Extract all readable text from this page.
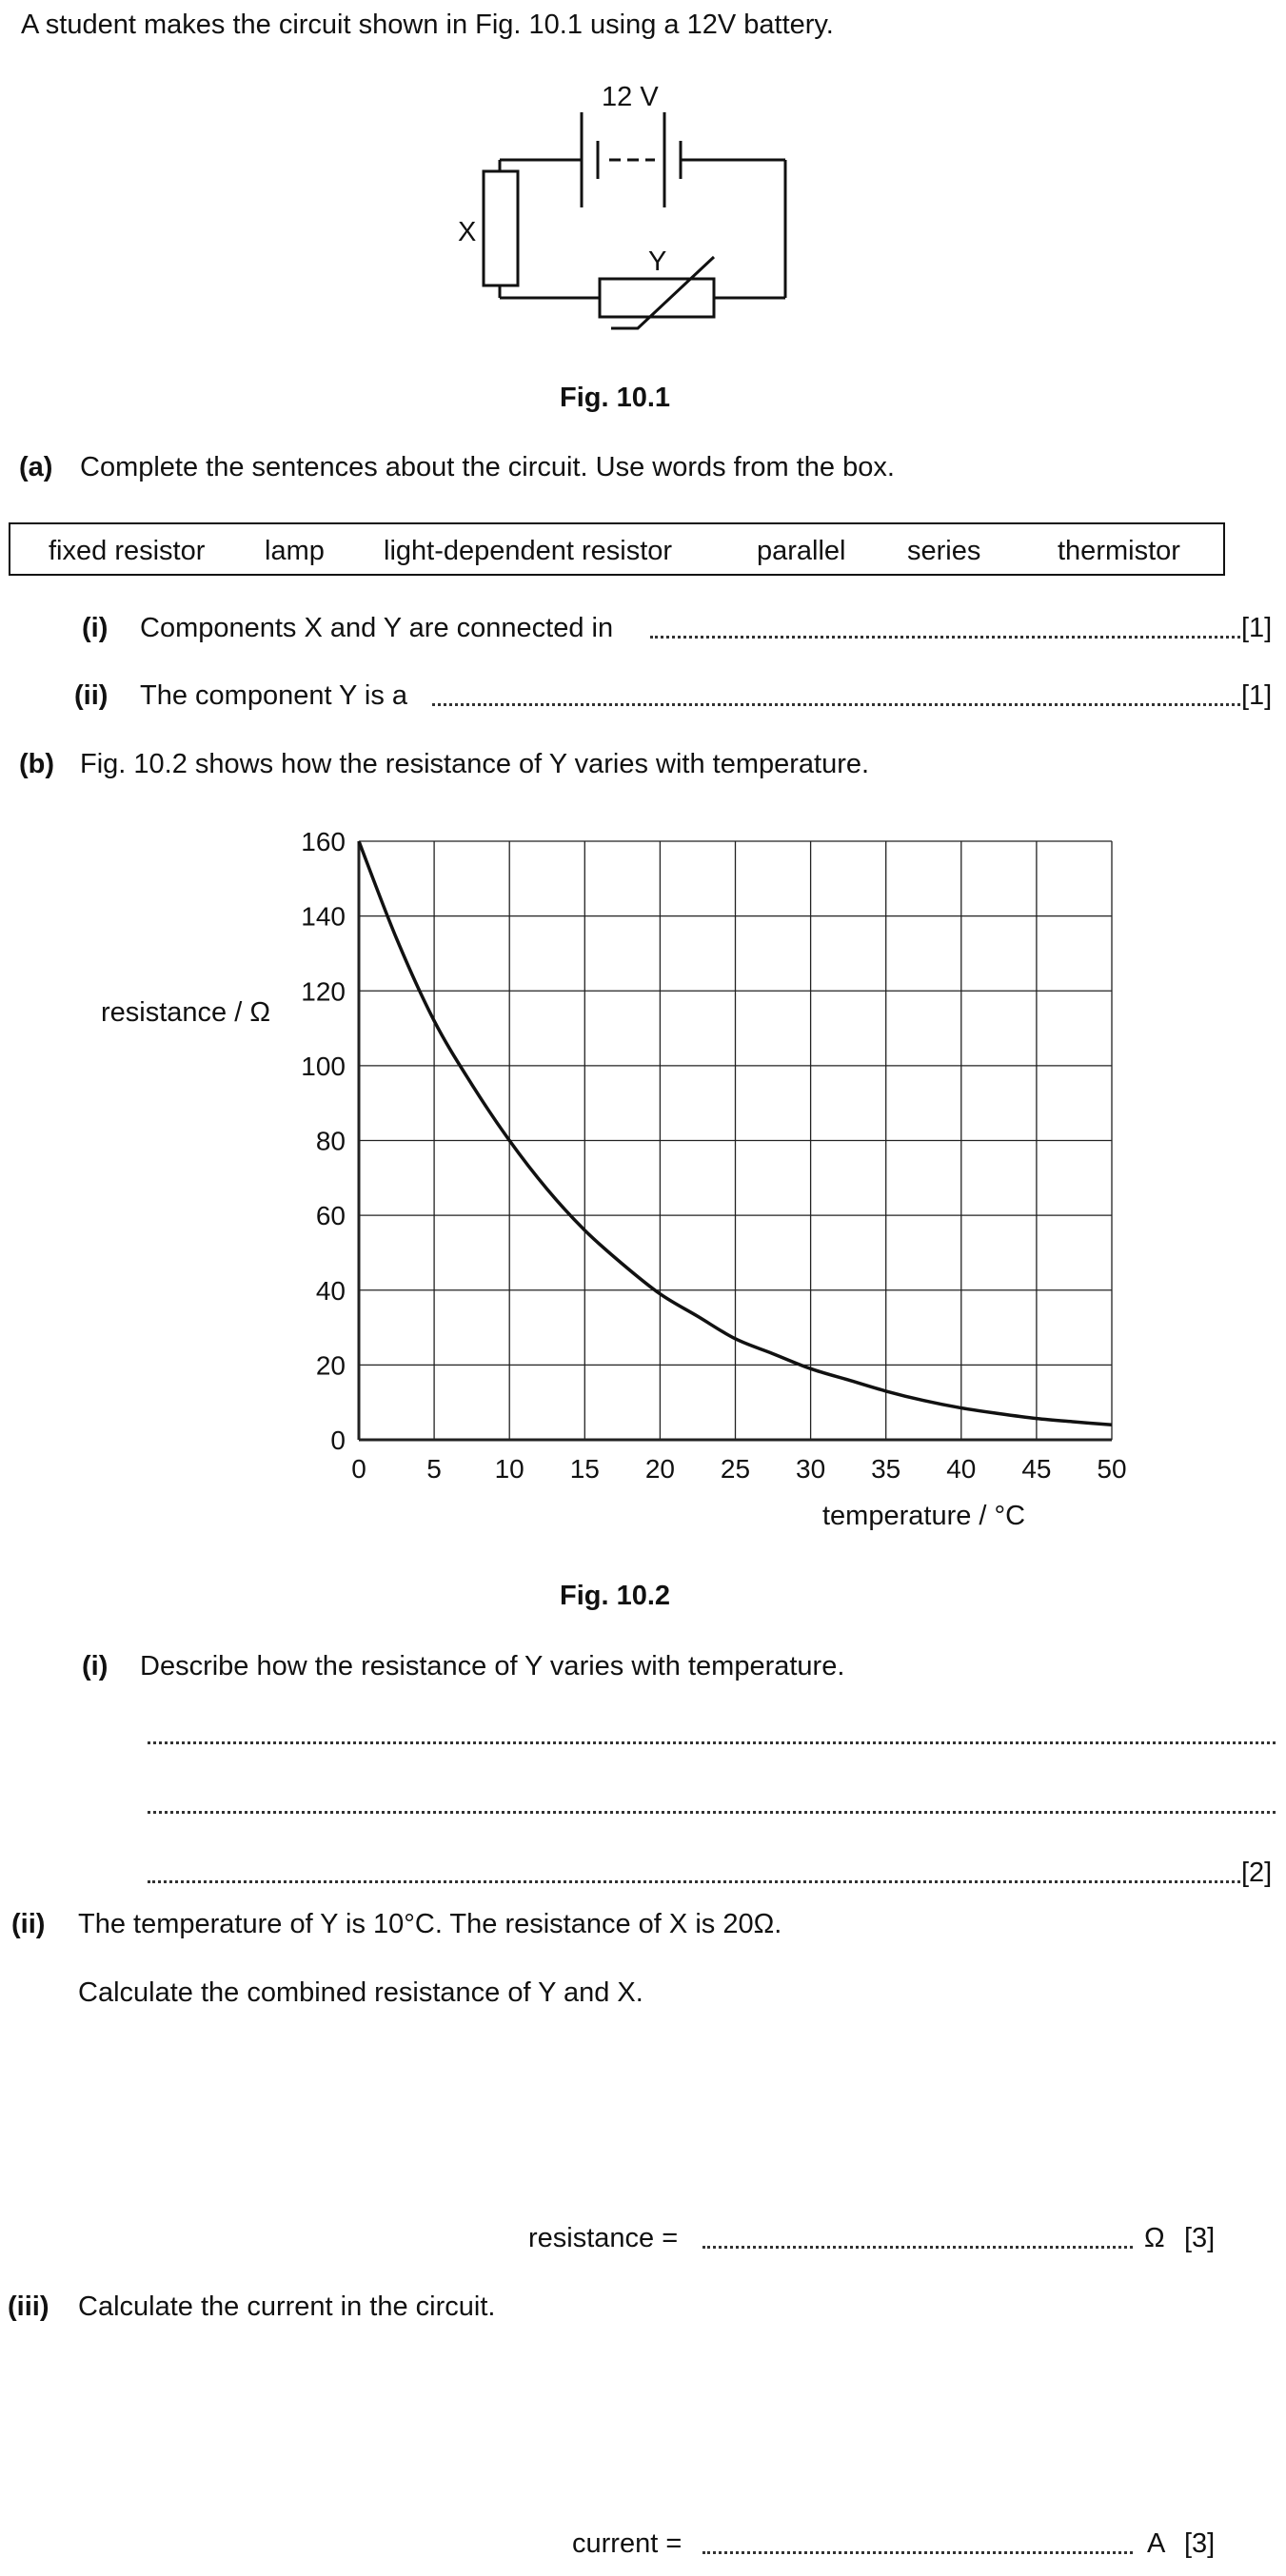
A student makes the circuit shown in Fig. 10.1 using a 12V battery.
12 V
X
Y
Fig. 10.1
(a) Complete the sentences about the circuit. Use words from the box.
fixed resistor lamp light-dependent resistor	parallel series	thermistor
(i) Components X and Y are connected in	[1]
(ii) The component Y is a	[1]
(b) Fig. 10.2 shows how the resistance of Y varies with temperature.
0 5 10 15 20 25 30 35 40 45 50
0
20
40
60
80
100
120
140
160
resistance / Ω
temperature / °C
Fig. 10.2
(i) Describe how the resistance of Y varies with temperature.
[2]
(ii) The temperature of Y is 10°C. The resistance of X is 20Ω.
Calculate the combined resistance of Y and X.
resistance =	Ω [3]
(iii) Calculate the current in the circuit.
current =	A [3]
